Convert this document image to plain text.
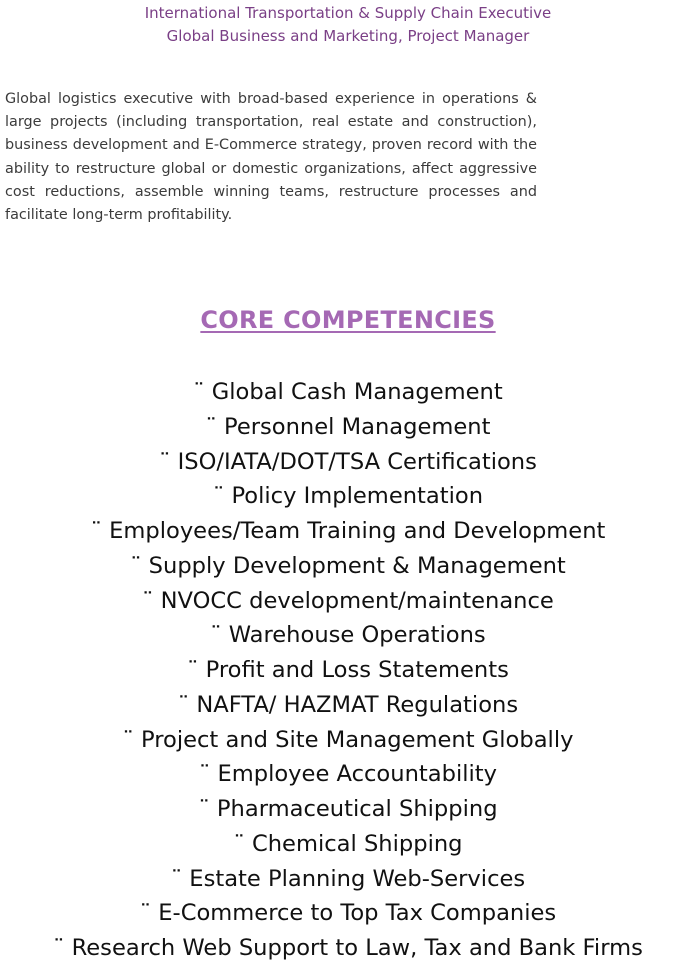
International Transportation & Supply Chain Executive
Global Business and Marketing, Project Manager

Global logistics executive with broad-based experience in operations & large projects (including transportation, real estate and construction), business development and E-Commerce strategy, proven record with the ability to restructure global or domestic organizations, affect aggressive cost reductions, assemble winning teams, restructure processes and facilitate long-term profitability.

CORE COMPETENCIES
¨ Global Cash Management
¨ Personnel Management
¨ ISO/IATA/DOT/TSA Certifications
¨ Policy Implementation
¨ Employees/Team Training and Development
¨ Supply Development & Management
¨ NVOCC development/maintenance
¨ Warehouse Operations
¨ Profit and Loss Statements
¨ NAFTA/ HAZMAT Regulations
¨ Project and Site Management Globally
¨ Employee Accountability
¨ Pharmaceutical Shipping
¨ Chemical Shipping
¨ Estate Planning Web-Services
¨ E-Commerce to Top Tax Companies
¨ Research Web Support to Law, Tax and Bank Firms
